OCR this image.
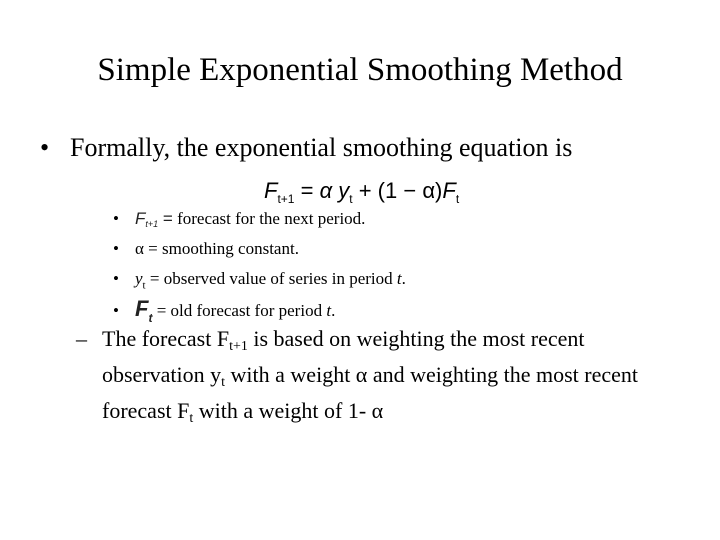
Simple Exponential Smoothing Method
• Formally, the exponential smoothing equation is
$F_{t+1} = \alpha$ $y_t + (1 - \alpha)F_t$
• $F_{t+1}$ = forecast for the next period.
• α = smoothing constant.
• $y_t$ = observed value of series in period t.
• $F_t$ = old forecast for period t.
– The forecast $F_{t+1}$ is based on weighting the most recent observation $y_t$ with a weight α and weighting the most recent forecast $F_t$ with a weight of 1- α
